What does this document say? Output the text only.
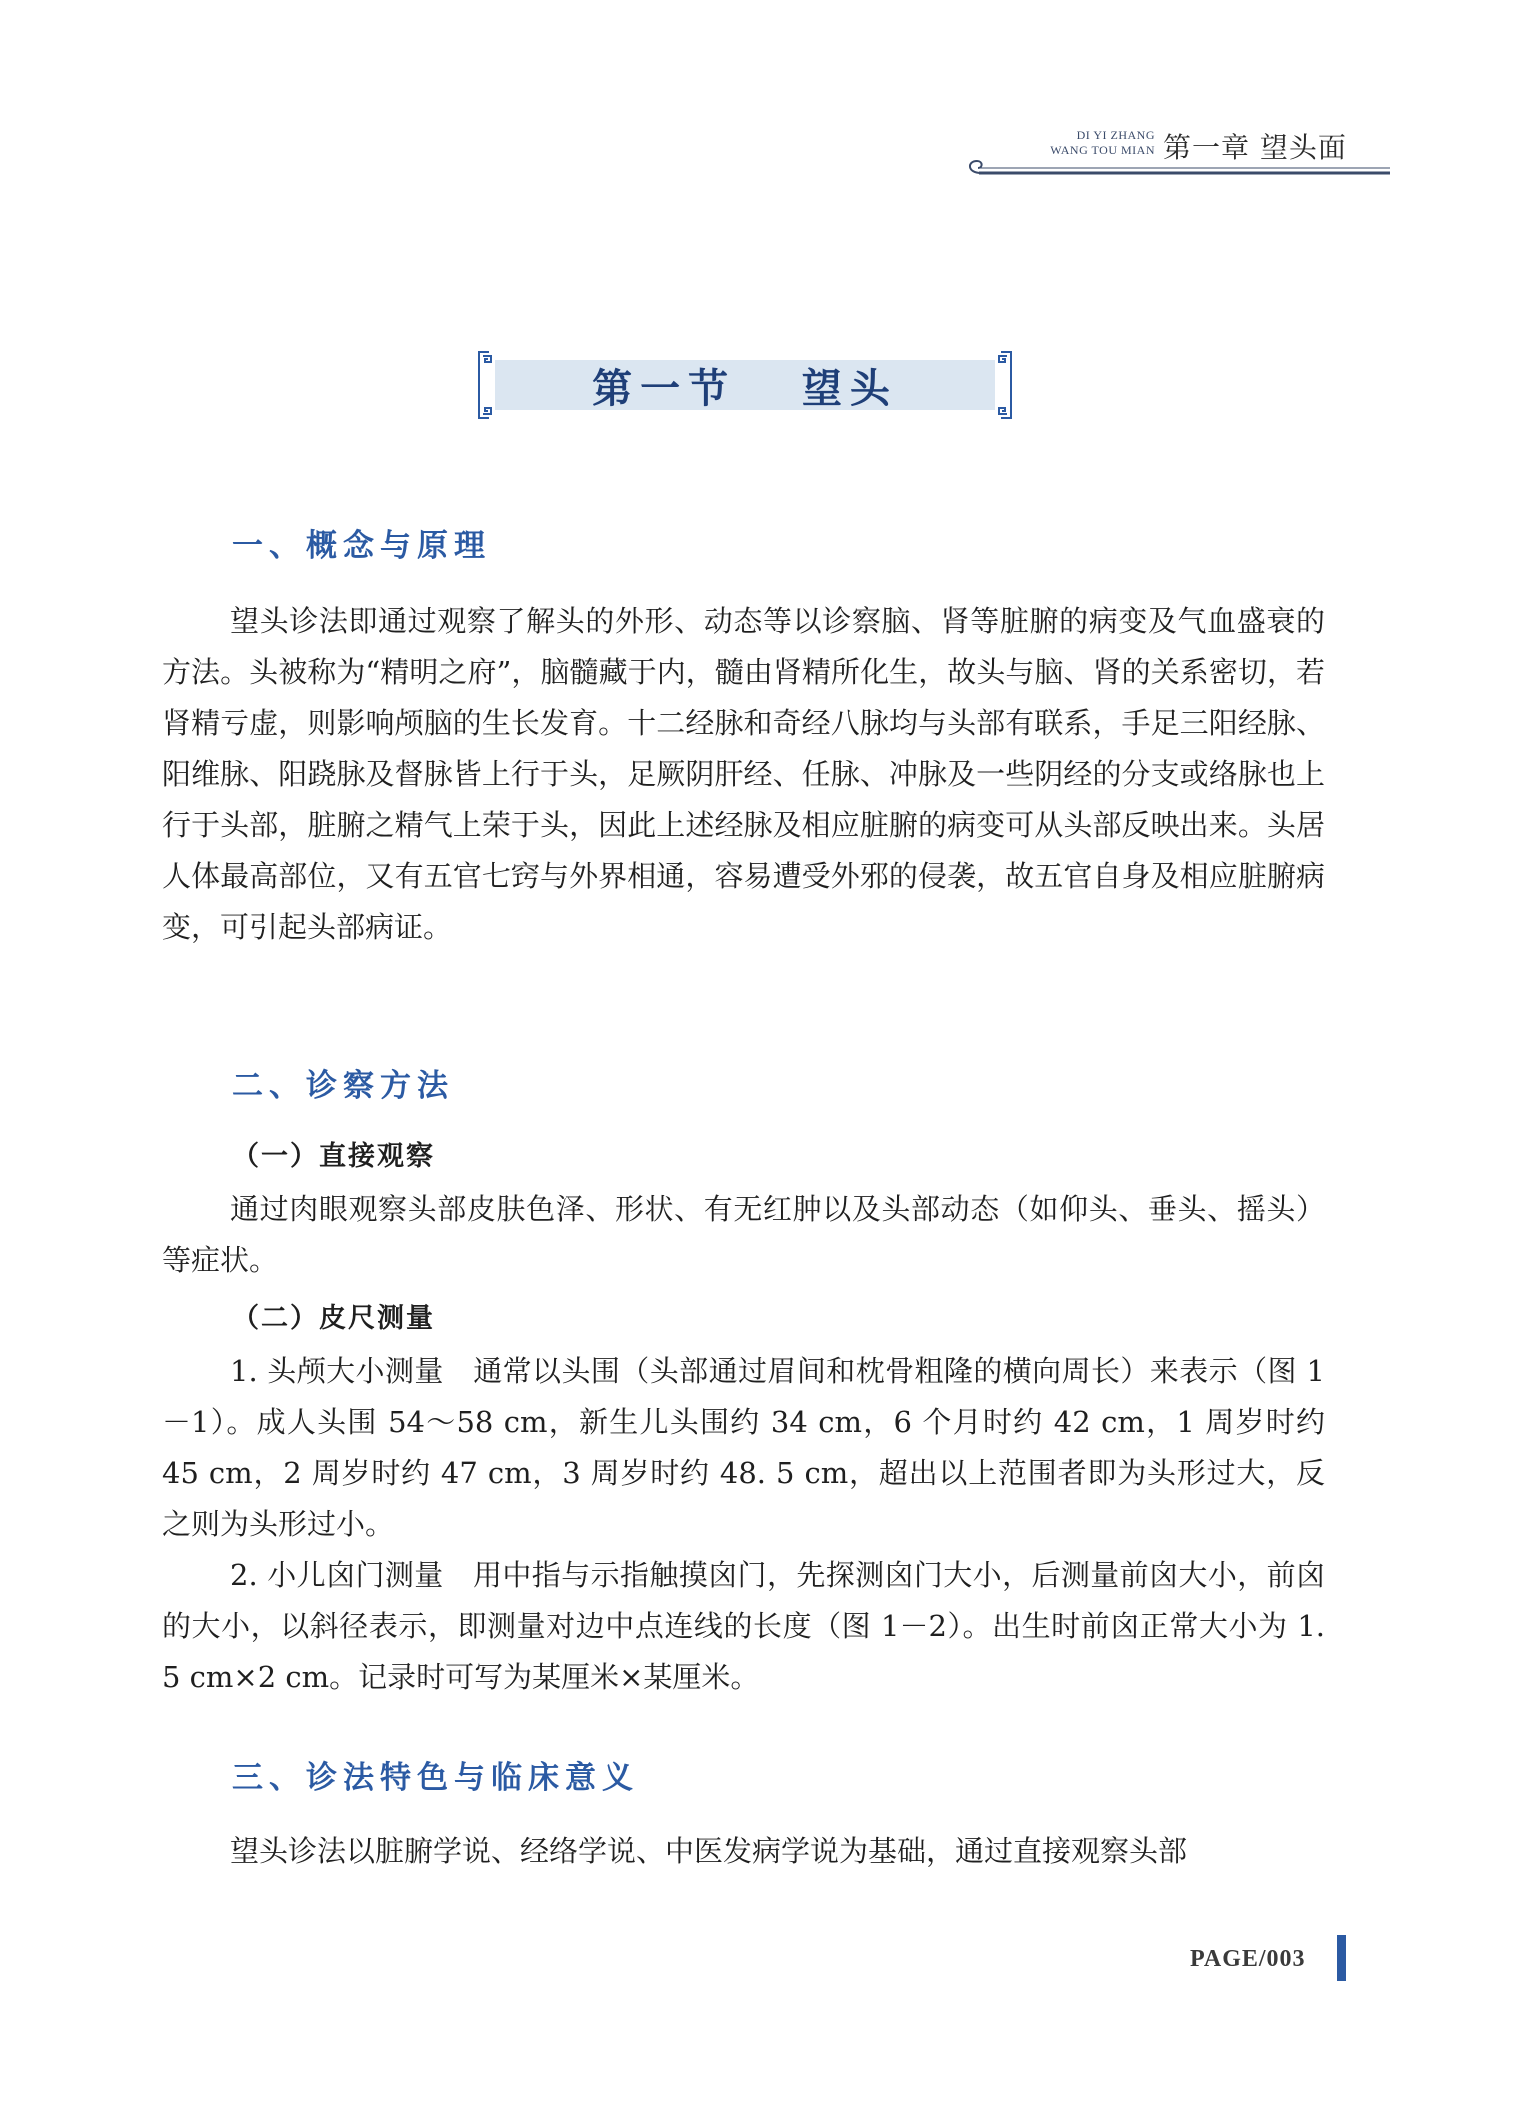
DI YI ZHANG
WANG TOU MIAN 第一章 望头面
第一节   望头
一、概念与原理
望头诊法即通过观察了解头的外形、动态等以诊察脑、肾等脏腑的病变及气血盛衰的方法。头被称为“精明之府”，脑髓藏于内，髓由肾精所化生，故头与脑、肾的关系密切，若肾精亏虚，则影响颅脑的生长发育。十二经脉和奇经八脉均与头部有联系，手足三阳经脉、阳维脉、阳跷脉及督脉皆上行于头，足厥阴肝经、任脉、冲脉及一些阴经的分支或络脉也上行于头部，脏腑之精气上荣于头，因此上述经脉及相应脏腑的病变可从头部反映出来。头居人体最高部位，又有五官七窍与外界相通，容易遭受外邪的侵袭，故五官自身及相应脏腑病变，可引起头部病证。
二、诊察方法
（一）直接观察
通过肉眼观察头部皮肤色泽、形状、有无红肿以及头部动态（如仰头、垂头、摇头）等症状。
（二）皮尺测量
1. 头颅大小测量　通常以头围（头部通过眉间和枕骨粗隆的横向周长）来表示（图 1－1）。成人头围 54～58 cm，新生儿头围约 34 cm，6 个月时约 42 cm，1 周岁时约 45 cm，2 周岁时约 47 cm，3 周岁时约 48. 5 cm，超出以上范围者即为头形过大，反之则为头形过小。
2. 小儿囟门测量　用中指与示指触摸囟门，先探测囟门大小，后测量前囟大小，前囟的大小，以斜径表示，即测量对边中点连线的长度（图 1－2）。出生时前囟正常大小为 1. 5 cm×2 cm。记录时可写为某厘米×某厘米。
三、诊法特色与临床意义
望头诊法以脏腑学说、经络学说、中医发病学说为基础，通过直接观察头部
PAGE/003
